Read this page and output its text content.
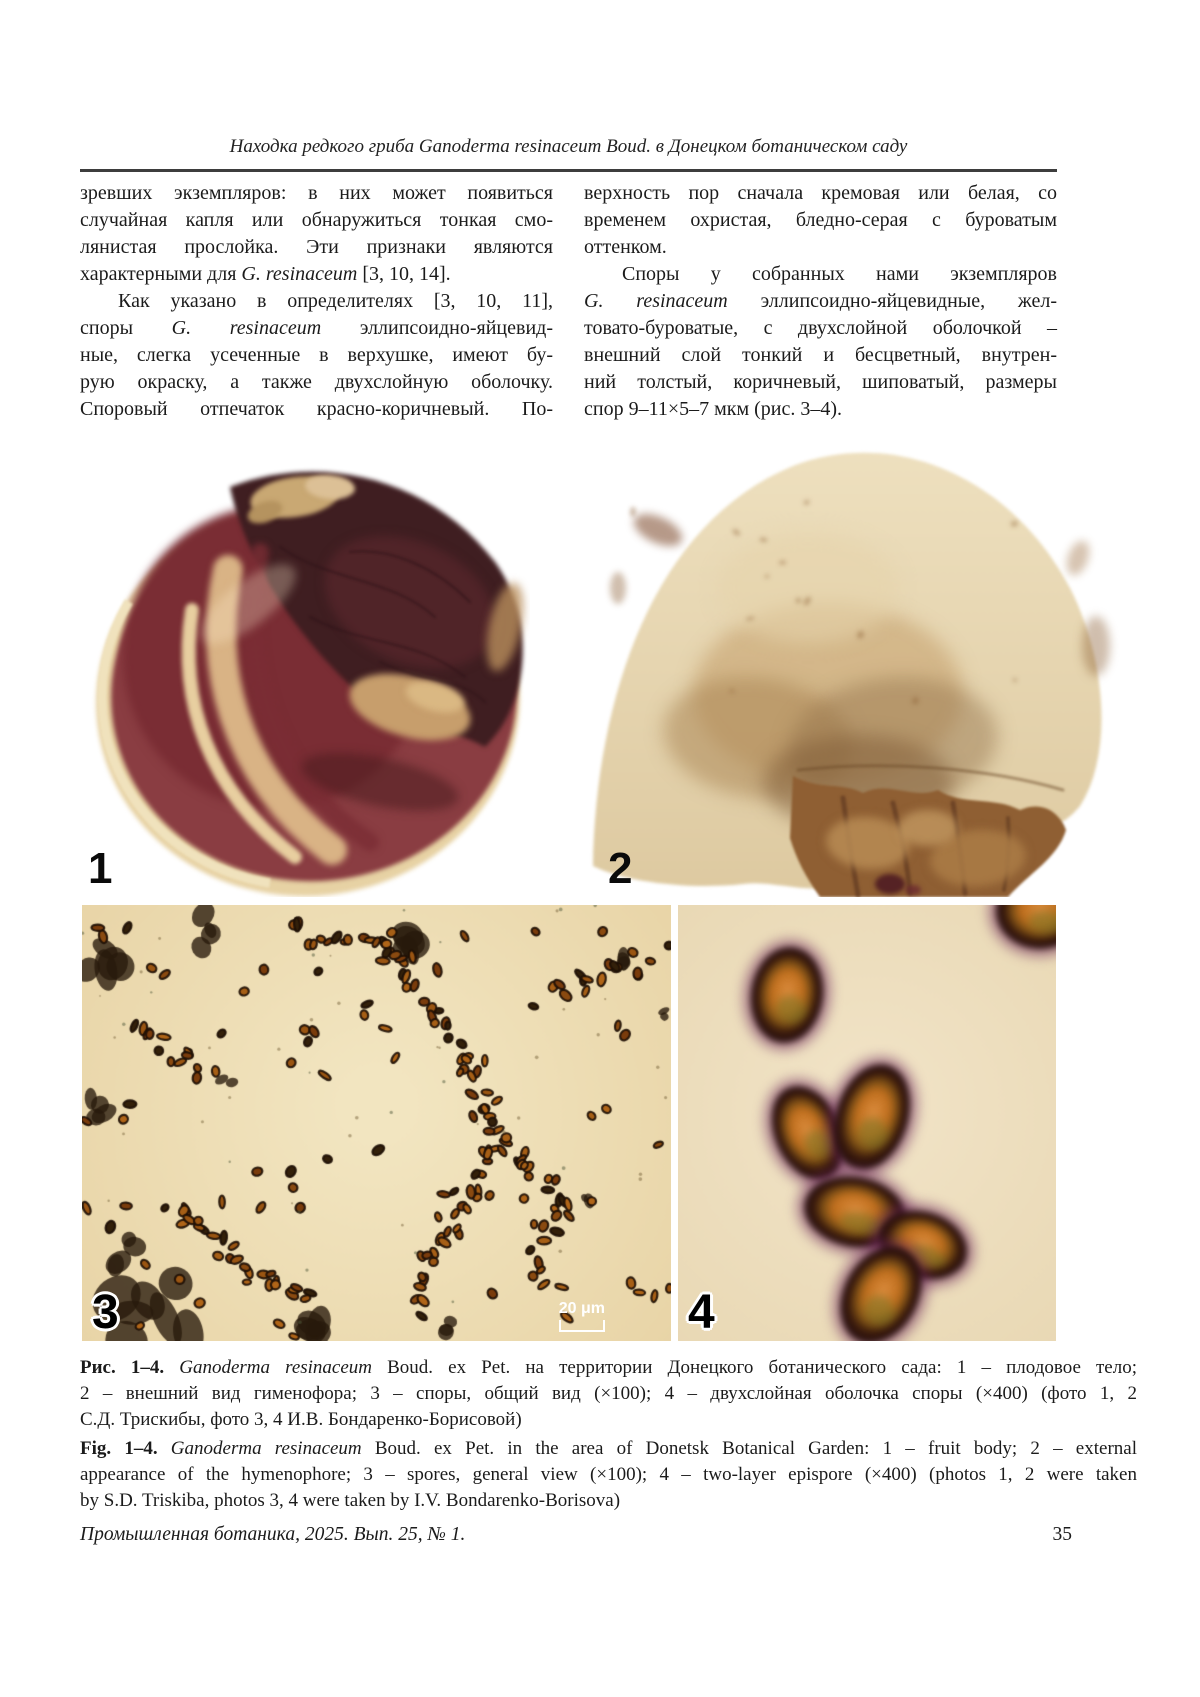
Находка редкого гриба Ganoderma resinaceum Boud. в Донецком ботаническом саду
зревших экземпляров: в них может появиться
случайная капля или обнаружиться тонкая смо-
лянистая прослойка. Эти признаки являются
характерными для G. resinaceum [3, 10, 14].
Как указано в определителях [3, 10, 11],
споры G. resinaceum эллипсоидно-яйцевид-
ные, слегка усеченные в верхушке, имеют бу-
рую окраску, а также двухслойную оболочку.
Споровый отпечаток красно-коричневый. По-
верхность пор сначала кремовая или белая, со
временем охристая, бледно-серая с буроватым
оттенком.
Споры у собранных нами экземпляров
G. resinaceum эллипсоидно-яйцевидные, жел-
товато-буроватые, с двухслойной оболочкой –
внешний слой тонкий и бесцветный, внутрен-
ний толстый, коричневый, шиповатый, размеры
спор 9–11×5–7 мкм (рис. 3–4).
1	2
3	20 μm 4
Рис. 1–4. Ganoderma resinaceum Boud. ex Pet. на территории Донецкого ботанического сада: 1 – плодовое тело;
2 – внешний вид гименофора; 3 – споры, общий вид (×100); 4 – двухслойная оболочка споры (×400) (фото 1, 2
С.Д. Трискибы, фото 3, 4 И.В. Бондаренко-Борисовой)
Fig. 1–4. Ganoderma resinaceum Boud. ex Pet. in the area of Donetsk Botanical Garden: 1 – fruit body; 2 – external
appearance of the hymenophore; 3 – spores, general view (×100); 4 – two-layer epispore (×400) (photos 1, 2 were taken
by S.D. Triskiba, photos 3, 4 were taken by I.V. Bondarenko-Borisova)
Промышленная ботаника, 2025. Вып. 25, № 1.	35
